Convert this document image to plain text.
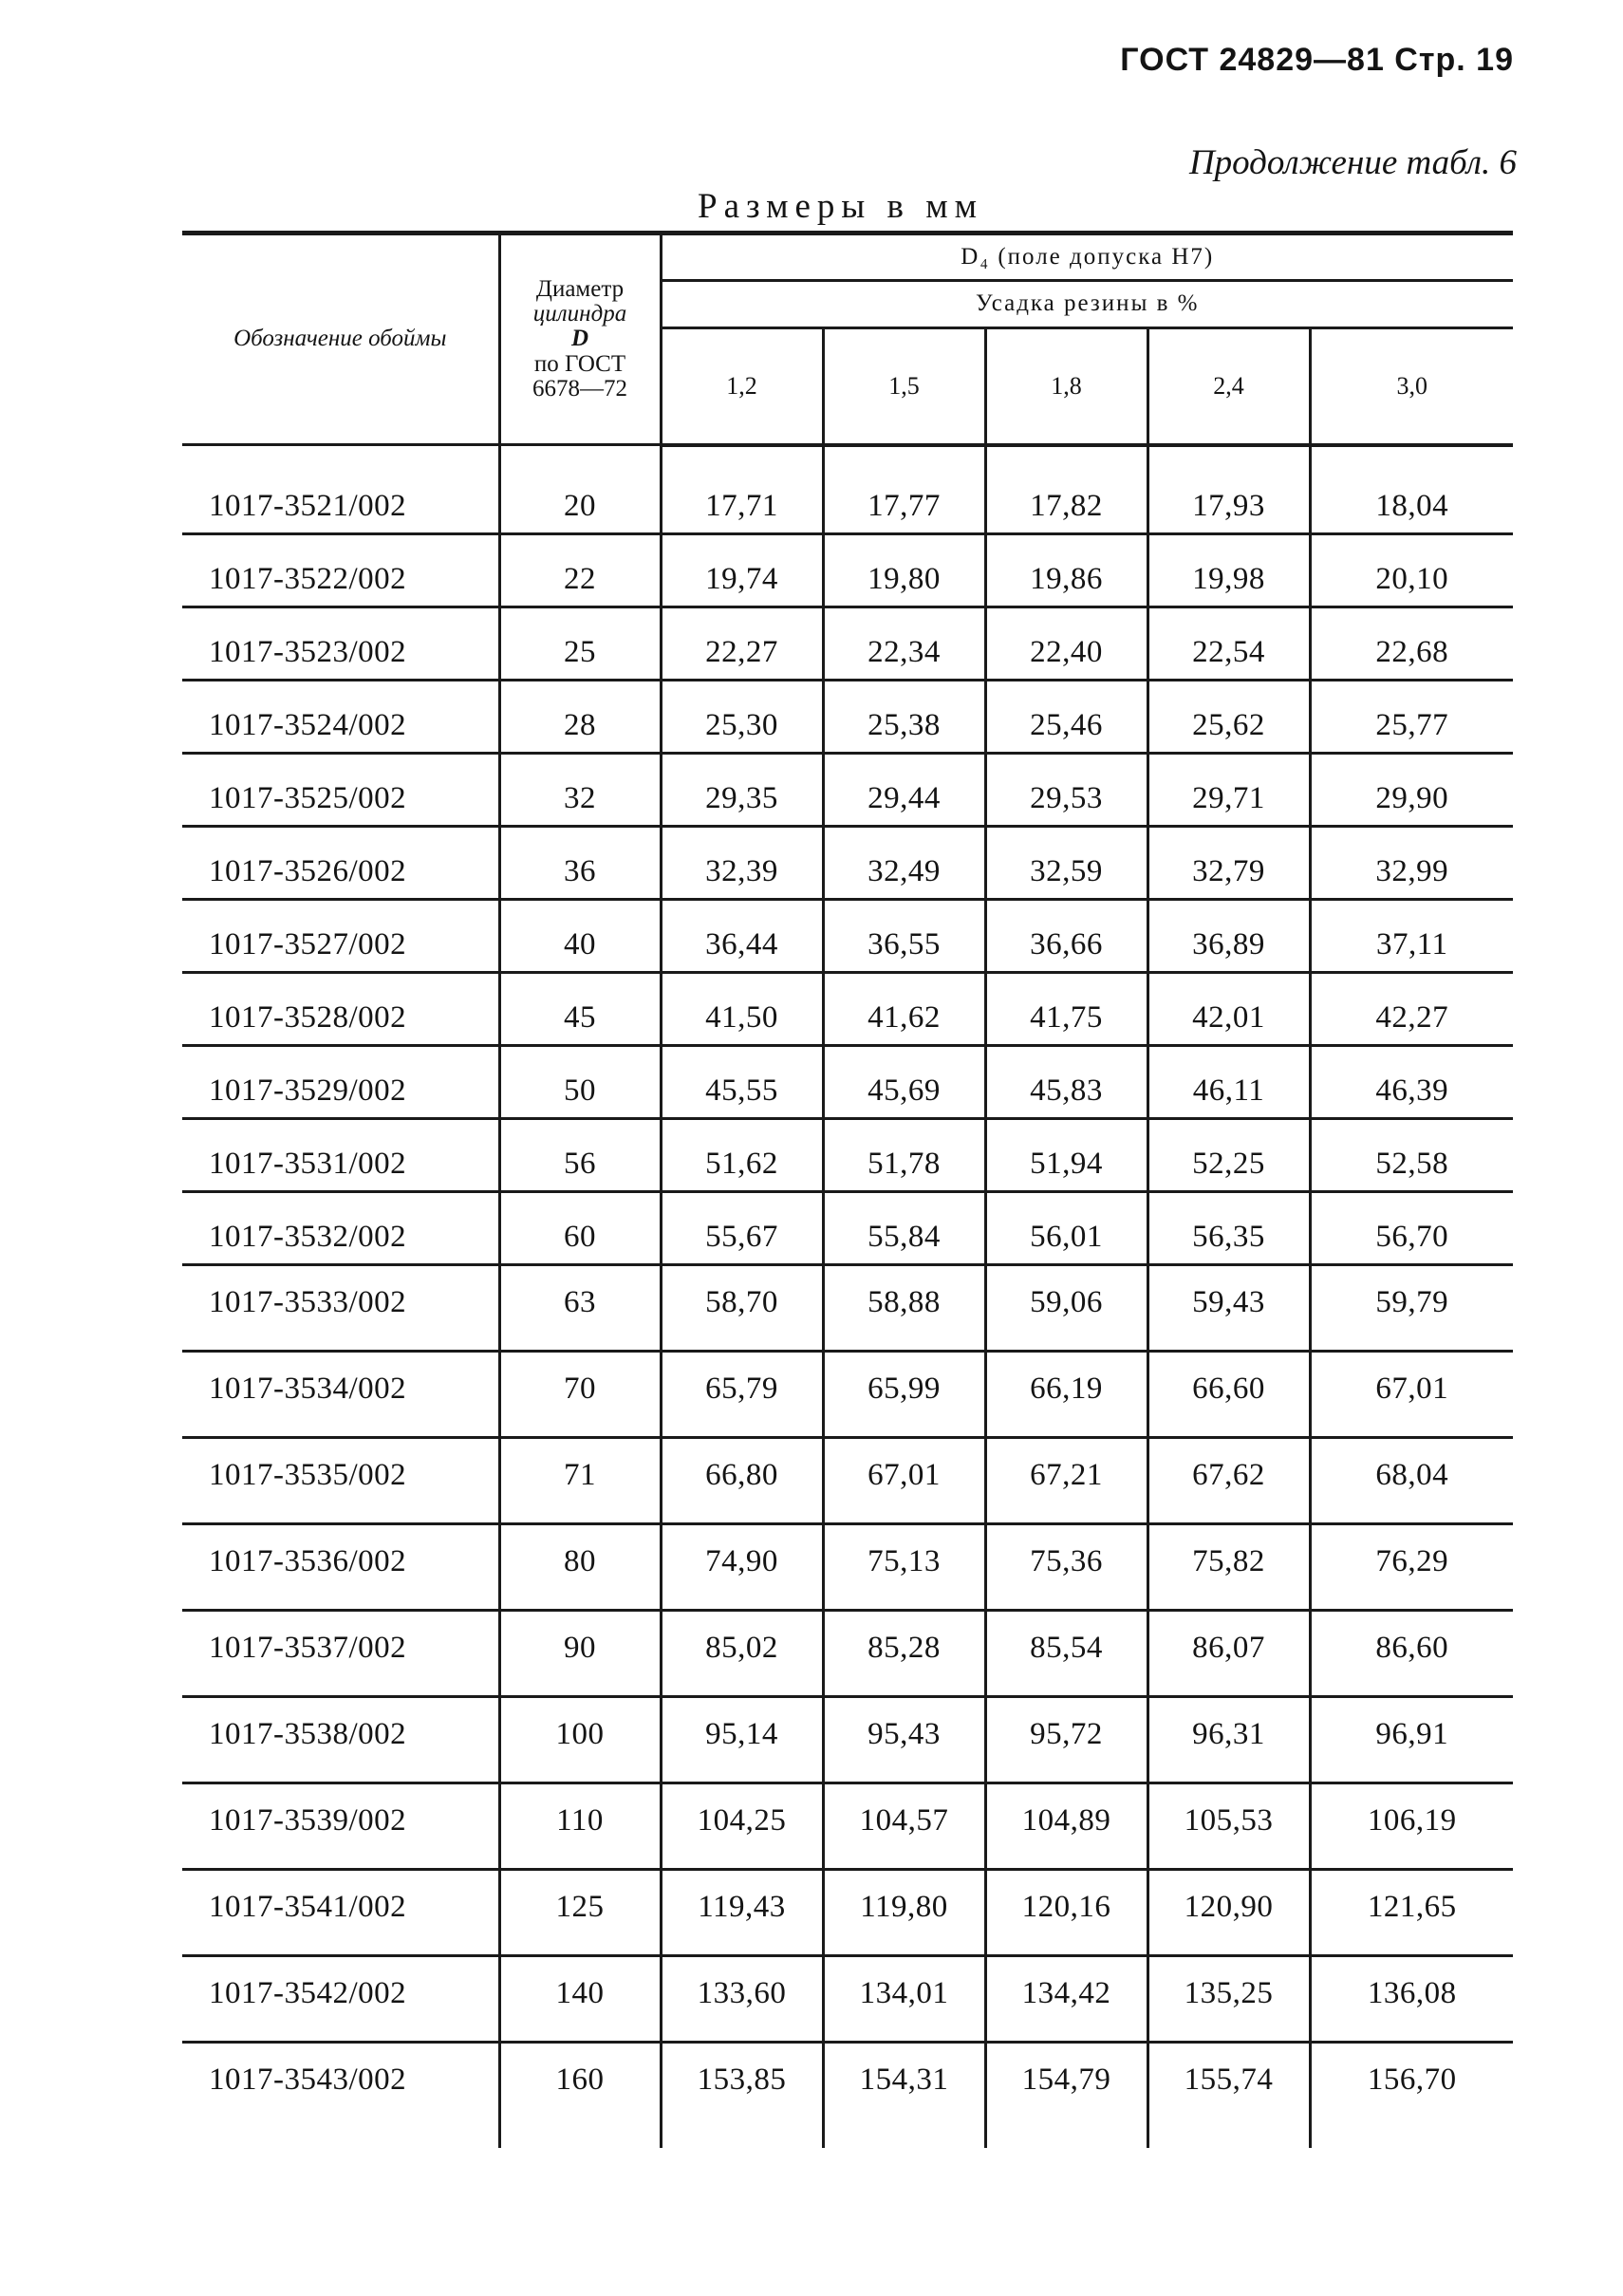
ГОСТ 24829—81 Стр. 19
Продолжение табл. 6
Размеры в мм
Обозначение обоймы	Диаметр
цилиндра
D
по ГОСТ
6678—72	D₄ (поле допуска H7)				
		Усадка резины в %				
		1,2	1,5	1,8	2,4	3,0
1017-3521/002	20	17,71	17,77	17,82	17,93	18,04
1017-3522/002	22	19,74	19,80	19,86	19,98	20,10
1017-3523/002	25	22,27	22,34	22,40	22,54	22,68
1017-3524/002	28	25,30	25,38	25,46	25,62	25,77
1017-3525/002	32	29,35	29,44	29,53	29,71	29,90
1017-3526/002	36	32,39	32,49	32,59	32,79	32,99
1017-3527/002	40	36,44	36,55	36,66	36,89	37,11
1017-3528/002	45	41,50	41,62	41,75	42,01	42,27
1017-3529/002	50	45,55	45,69	45,83	46,11	46,39
1017-3531/002	56	51,62	51,78	51,94	52,25	52,58
1017-3532/002	60	55,67	55,84	56,01	56,35	56,70
1017-3533/002	63	58,70	58,88	59,06	59,43	59,79
1017-3534/002	70	65,79	65,99	66,19	66,60	67,01
1017-3535/002	71	66,80	67,01	67,21	67,62	68,04
1017-3536/002	80	74,90	75,13	75,36	75,82	76,29
1017-3537/002	90	85,02	85,28	85,54	86,07	86,60
1017-3538/002	100	95,14	95,43	95,72	96,31	96,91
1017-3539/002	110	104,25	104,57	104,89	105,53	106,19
1017-3541/002	125	119,43	119,80	120,16	120,90	121,65
1017-3542/002	140	133,60	134,01	134,42	135,25	136,08
1017-3543/002	160	153,85	154,31	154,79	155,74	156,70
